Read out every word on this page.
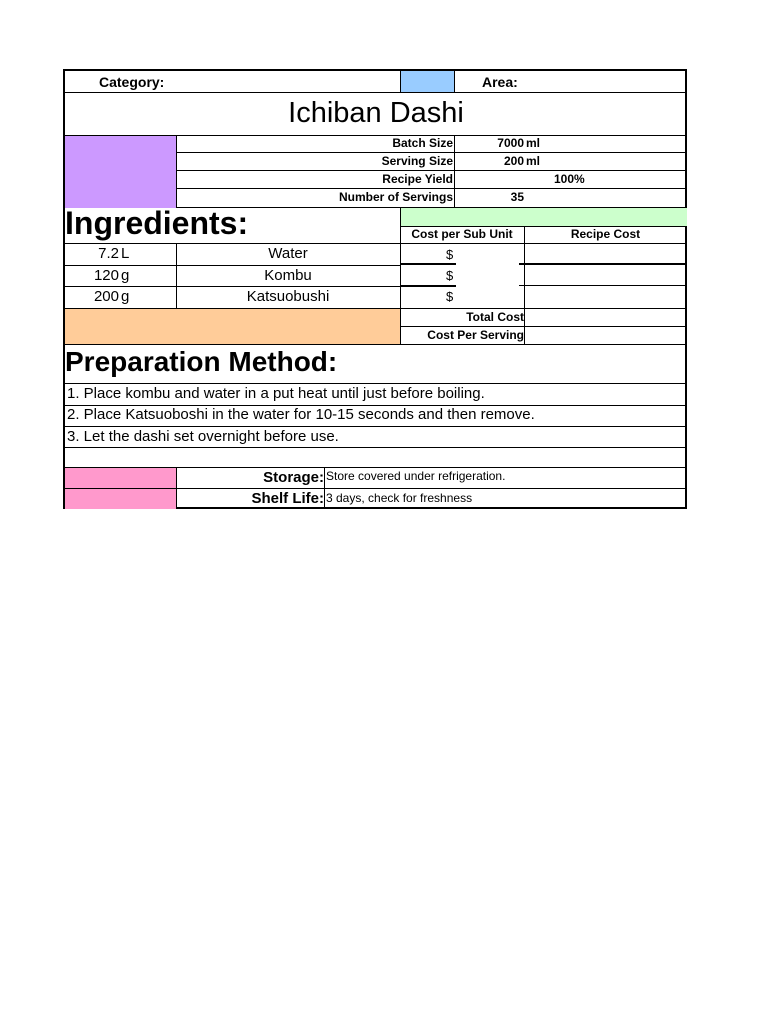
Category:	Area:
Ichiban Dashi
Batch Size	7000 ml
Serving Size	200 ml
Recipe Yield	100%
Number of Servings	35
Ingredients:	Cost per Sub Unit	Recipe Cost
7.2 L	Water	$
120 g	Kombu	$
200 g	Katsuobushi	$
Total Cost
Cost Per Serving
Preparation Method:
1. Place kombu and water in a put heat until just before boiling.
2. Place Katsuoboshi in the water for 10-15 seconds and then remove.
3. Let the dashi set overnight before use.
Storage: Store covered under refrigeration.
Shelf Life: 3 days, check for freshness
